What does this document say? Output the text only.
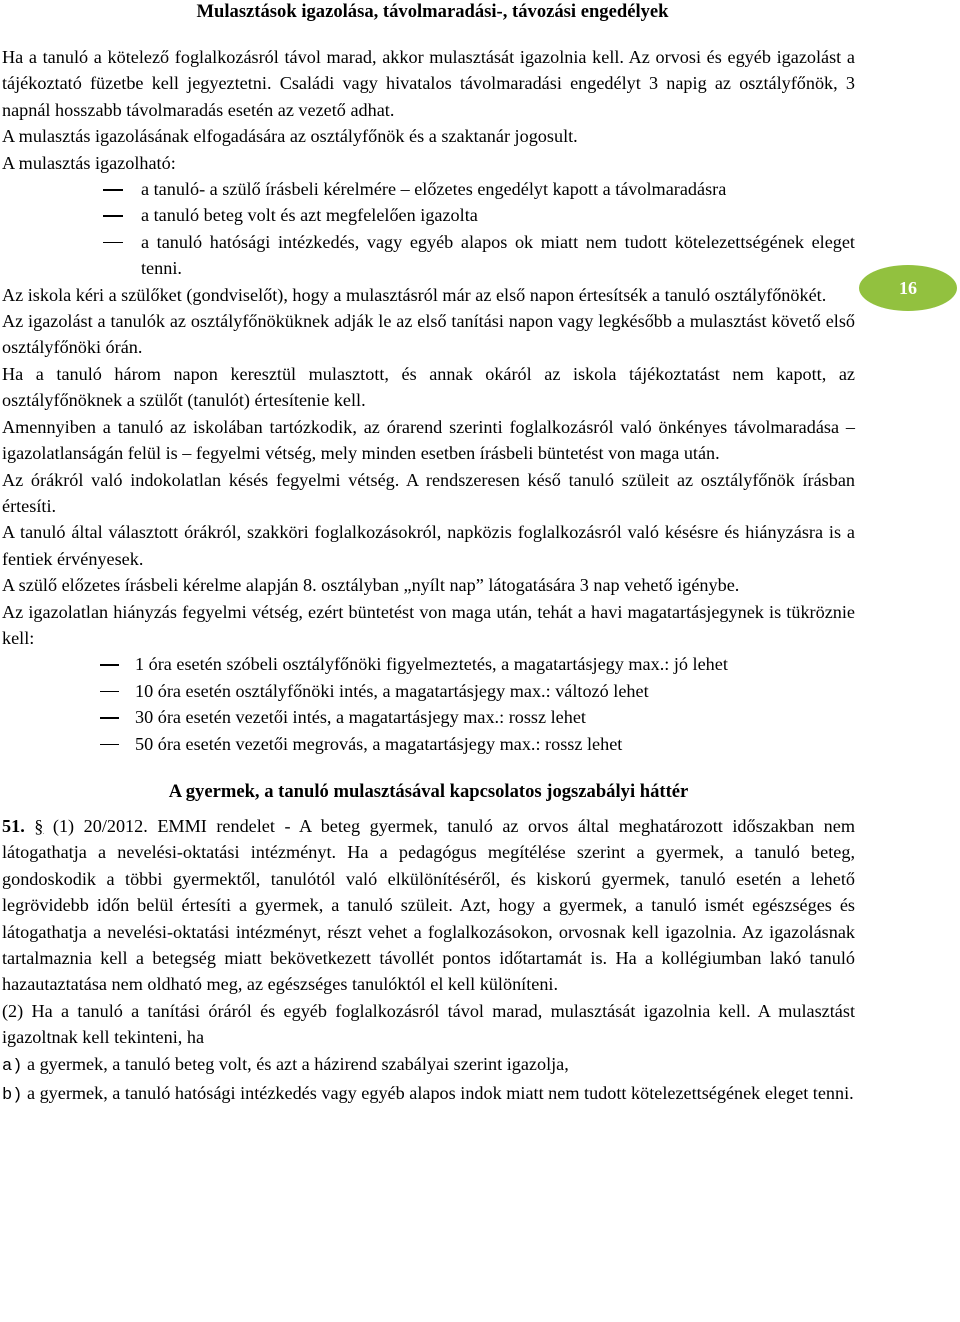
Mulasztások igazolása, távolmaradási-, távozási engedélyek

Ha a tanuló a kötelező foglalkozásról távol marad, akkor mulasztását igazolnia kell. Az orvosi és egyéb igazolást a tájékoztató füzetbe kell jegyeztetni. Családi vagy hivatalos távolmaradási engedélyt 3 napig az osztályfőnök, 3 napnál hosszabb távolmaradás esetén az vezető adhat.

A mulasztás igazolásának elfogadására az osztályfőnök és a szaktanár jogosult.

A mulasztás igazolható:

a tanuló- a szülő írásbeli kérelmére – előzetes engedélyt kapott a távolmaradásra
a tanuló beteg volt és azt megfelelően igazolta
a tanuló hatósági intézkedés, vagy egyéb alapos ok miatt nem tudott kötelezettségének eleget tenni.

Az iskola kéri a szülőket (gondviselőt), hogy a mulasztásról már az első napon értesítsék a tanuló osztályfőnökét.

Az igazolást a tanulók az osztályfőnöküknek adják le az első tanítási napon vagy legkésőbb a mulasztást követő első osztályfőnöki órán.

Ha a tanuló három napon keresztül mulasztott, és annak okáról az iskola tájékoztatást nem kapott, az osztályfőnöknek a szülőt (tanulót) értesítenie kell.

Amennyiben a tanuló az iskolában tartózkodik, az órarend szerinti foglalkozásról való önkényes távolmaradása – igazolatlanságán felül is – fegyelmi vétség, mely minden esetben írásbeli büntetést von maga után.

Az órákról való indokolatlan késés fegyelmi vétség. A rendszeresen késő tanuló szüleit az osztályfőnök írásban értesíti.

A tanuló által választott órákról, szakköri foglalkozásokról, napközis foglalkozásról való késésre és hiányzásra is a fentiek érvényesek.

A szülő előzetes írásbeli kérelme alapján 8. osztályban „nyílt nap” látogatására 3 nap vehető igénybe.

Az igazolatlan hiányzás fegyelmi vétség, ezért büntetést von maga után, tehát a havi magatartásjegynek is tükröznie kell:

1 óra esetén szóbeli osztályfőnöki figyelmeztetés, a magatartásjegy max.: jó lehet
10 óra esetén osztályfőnöki intés, a magatartásjegy max.: változó lehet
30 óra esetén vezetői intés, a magatartásjegy max.: rossz lehet
50 óra esetén vezetői megrovás, a magatartásjegy max.: rossz lehet
A gyermek, a tanuló mulasztásával kapcsolatos jogszabályi háttér

51. § (1) 20/2012. EMMI rendelet - A beteg gyermek, tanuló az orvos által meghatározott időszakban nem látogathatja a nevelési-oktatási intézményt. Ha a pedagógus megítélése szerint a gyermek, a tanuló beteg, gondoskodik a többi gyermektől, tanulótól való elkülönítéséről, és kiskorú gyermek, tanuló esetén a lehető legrövidebb időn belül értesíti a gyermek, a tanuló szüleit. Azt, hogy a gyermek, a tanuló ismét egészséges és látogathatja a nevelési-oktatási intézményt, részt vehet a foglalkozásokon, orvosnak kell igazolnia. Az igazolásnak tartalmaznia kell a betegség miatt bekövetkezett távollét pontos időtartamát is. Ha a kollégiumban lakó tanuló hazautaztatása nem oldható meg, az egészséges tanulóktól el kell különíteni.

(2) Ha a tanuló a tanítási óráról és egyéb foglalkozásról távol marad, mulasztását igazolnia kell. A mulasztást igazoltnak kell tekinteni, ha

a) a gyermek, a tanuló beteg volt, és azt a házirend szabályai szerint igazolja,

b) a gyermek, a tanuló hatósági intézkedés vagy egyéb alapos indok miatt nem tudott kötelezettségének eleget tenni.

16
